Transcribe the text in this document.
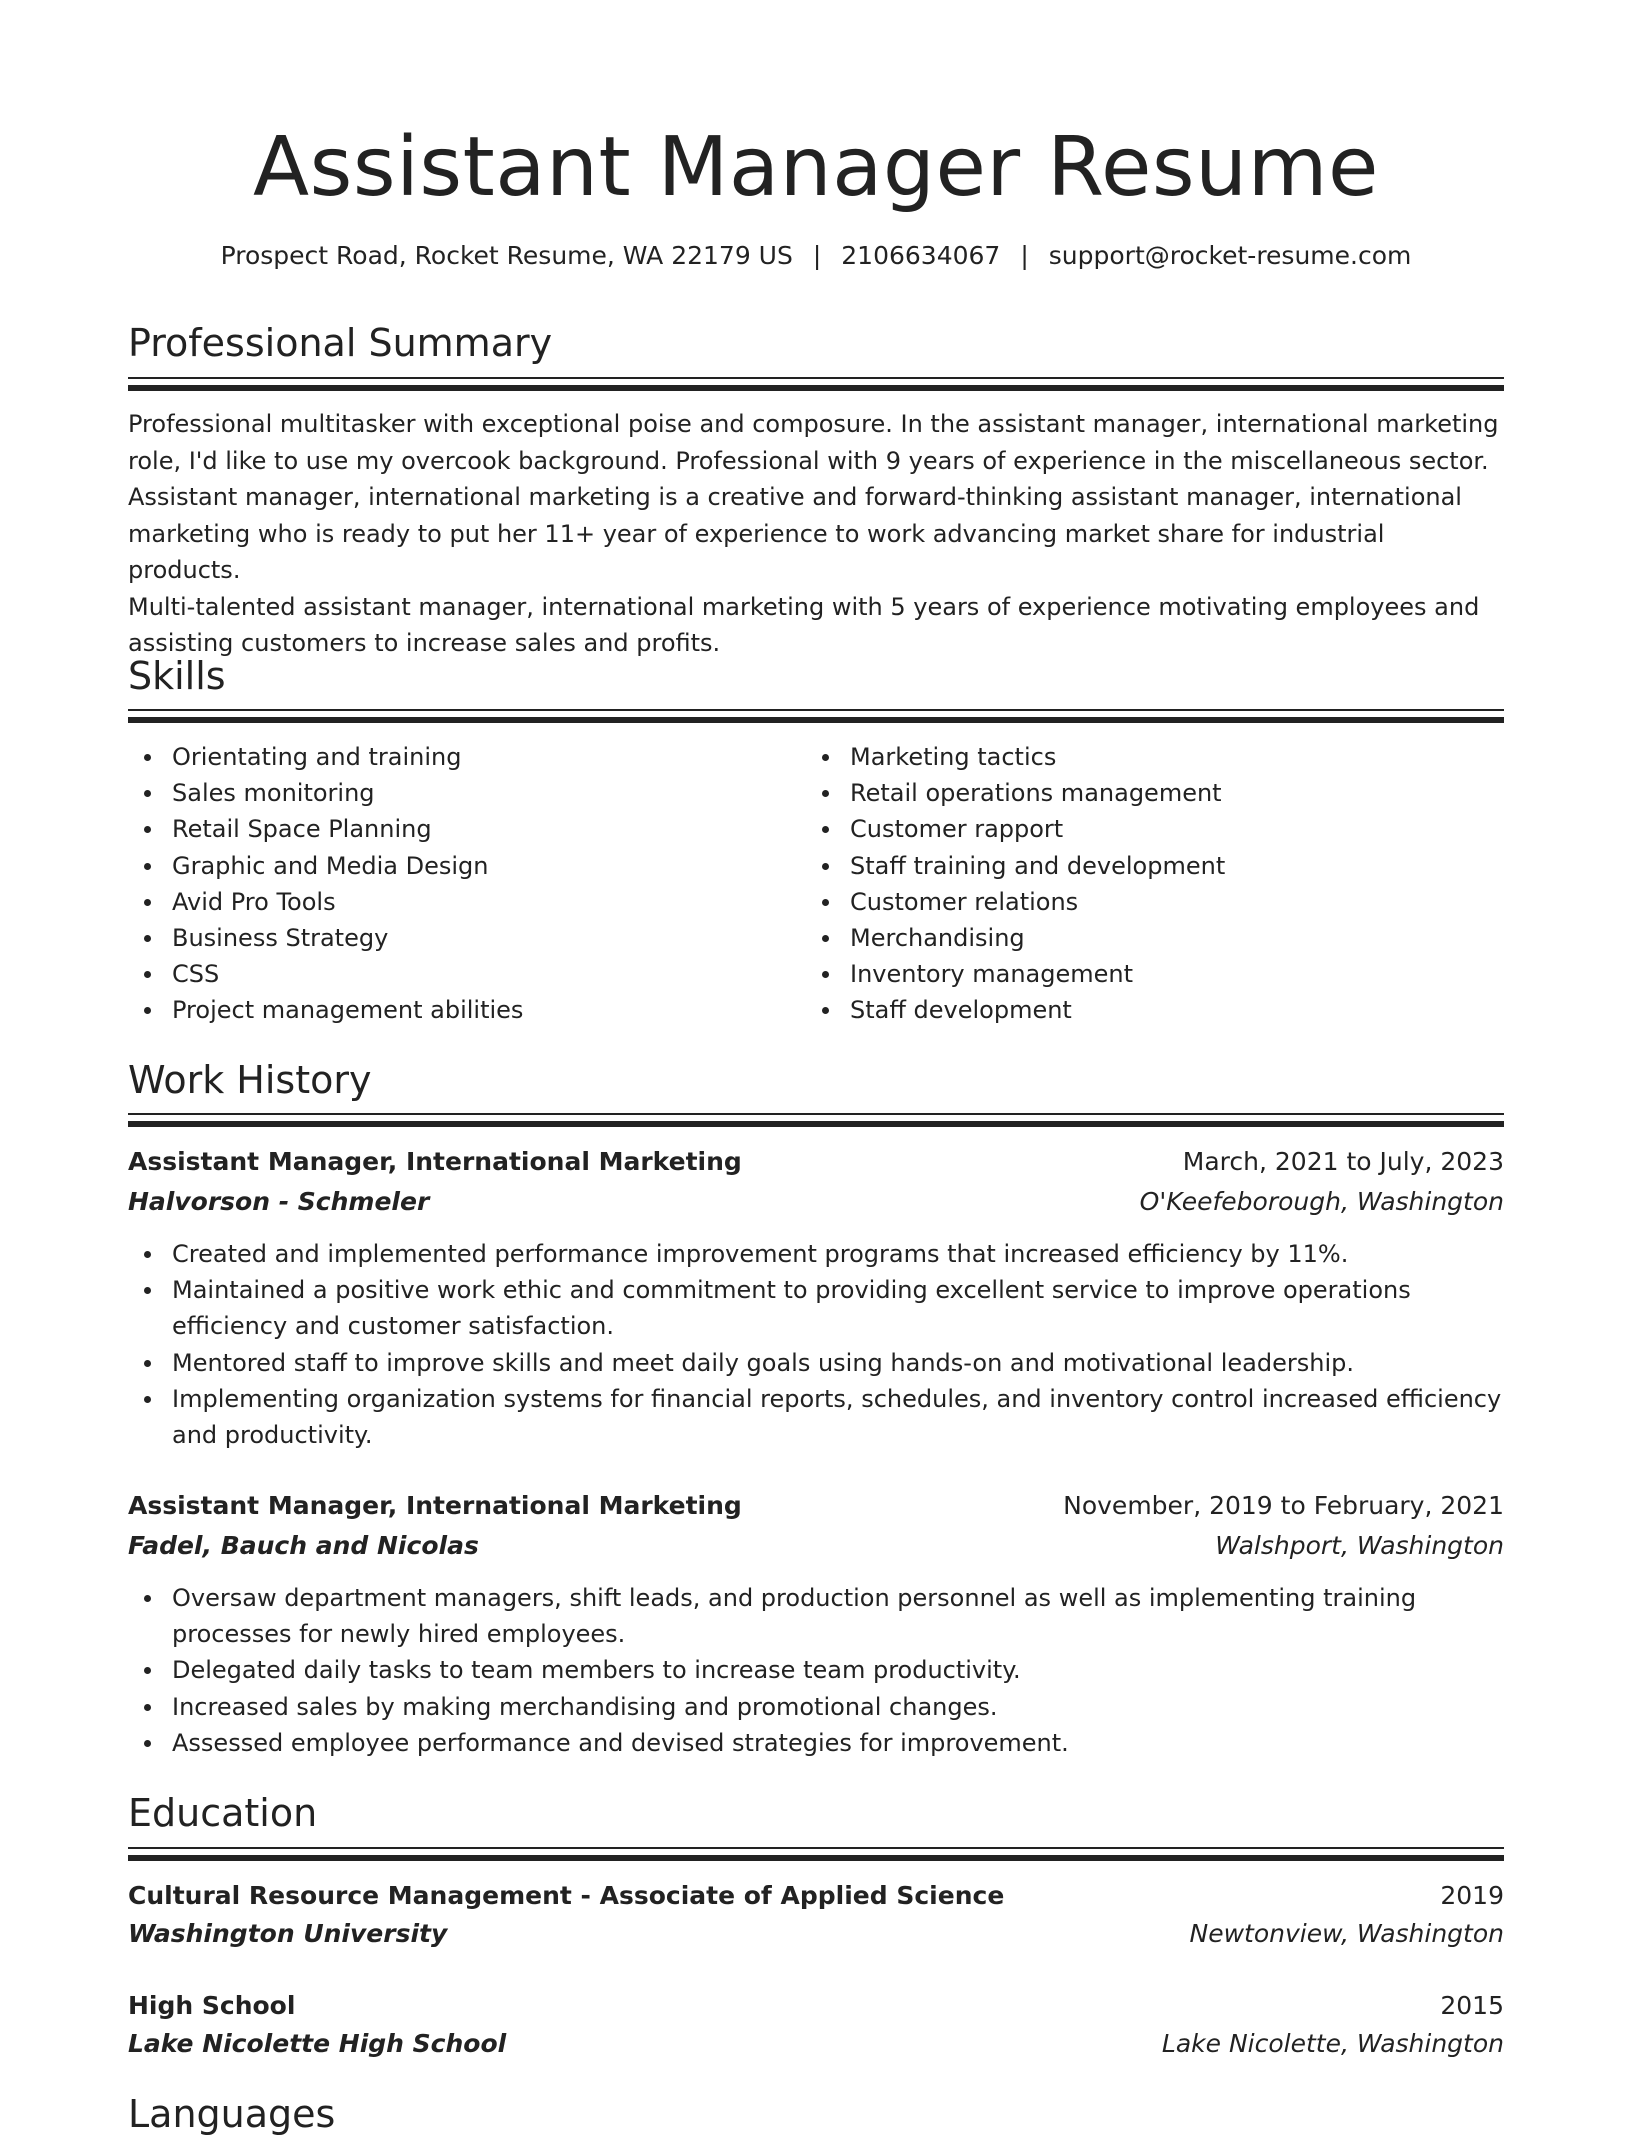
Assistant Manager Resume
Prospect Road, Rocket Resume, WA 22179 US | 2106634067 | support@rocket-resume.com
Professional Summary
Professional multitasker with exceptional poise and composure. In the assistant manager, international marketing
role, I'd like to use my overcook background. Professional with 9 years of experience in the miscellaneous sector.
Assistant manager, international marketing is a creative and forward-thinking assistant manager, international
marketing who is ready to put her 11+ year of experience to work advancing market share for industrial products.
Multi-talented assistant manager, international marketing with 5 years of experience motivating employees and
assisting customers to increase sales and profits.
Skills
Orientating and training
Sales monitoring
Retail Space Planning
Graphic and Media Design
Avid Pro Tools
Business Strategy
CSS
Project management abilities
Marketing tactics
Retail operations management
Customer rapport
Staff training and development
Customer relations
Merchandising
Inventory management
Staff development
Work History
Assistant Manager, International Marketing	March, 2021 to July, 2023
Halvorson - Schmeler	O'Keefeborough, Washington
Created and implemented performance improvement programs that increased efficiency by 11%.
Maintained a positive work ethic and commitment to providing excellent service to improve operations efficiency and customer satisfaction.
Mentored staff to improve skills and meet daily goals using hands-on and motivational leadership.
Implementing organization systems for financial reports, schedules, and inventory control increased efficiency and productivity.
Assistant Manager, International Marketing	November, 2019 to February, 2021
Fadel, Bauch and Nicolas	Walshport, Washington
Oversaw department managers, shift leads, and production personnel as well as implementing training processes for newly hired employees.
Delegated daily tasks to team members to increase team productivity.
Increased sales by making merchandising and promotional changes.
Assessed employee performance and devised strategies for improvement.
Education
Cultural Resource Management - Associate of Applied Science	2019
Washington University	Newtonview, Washington
High School	2015
Lake Nicolette High School	Lake Nicolette, Washington
Languages
